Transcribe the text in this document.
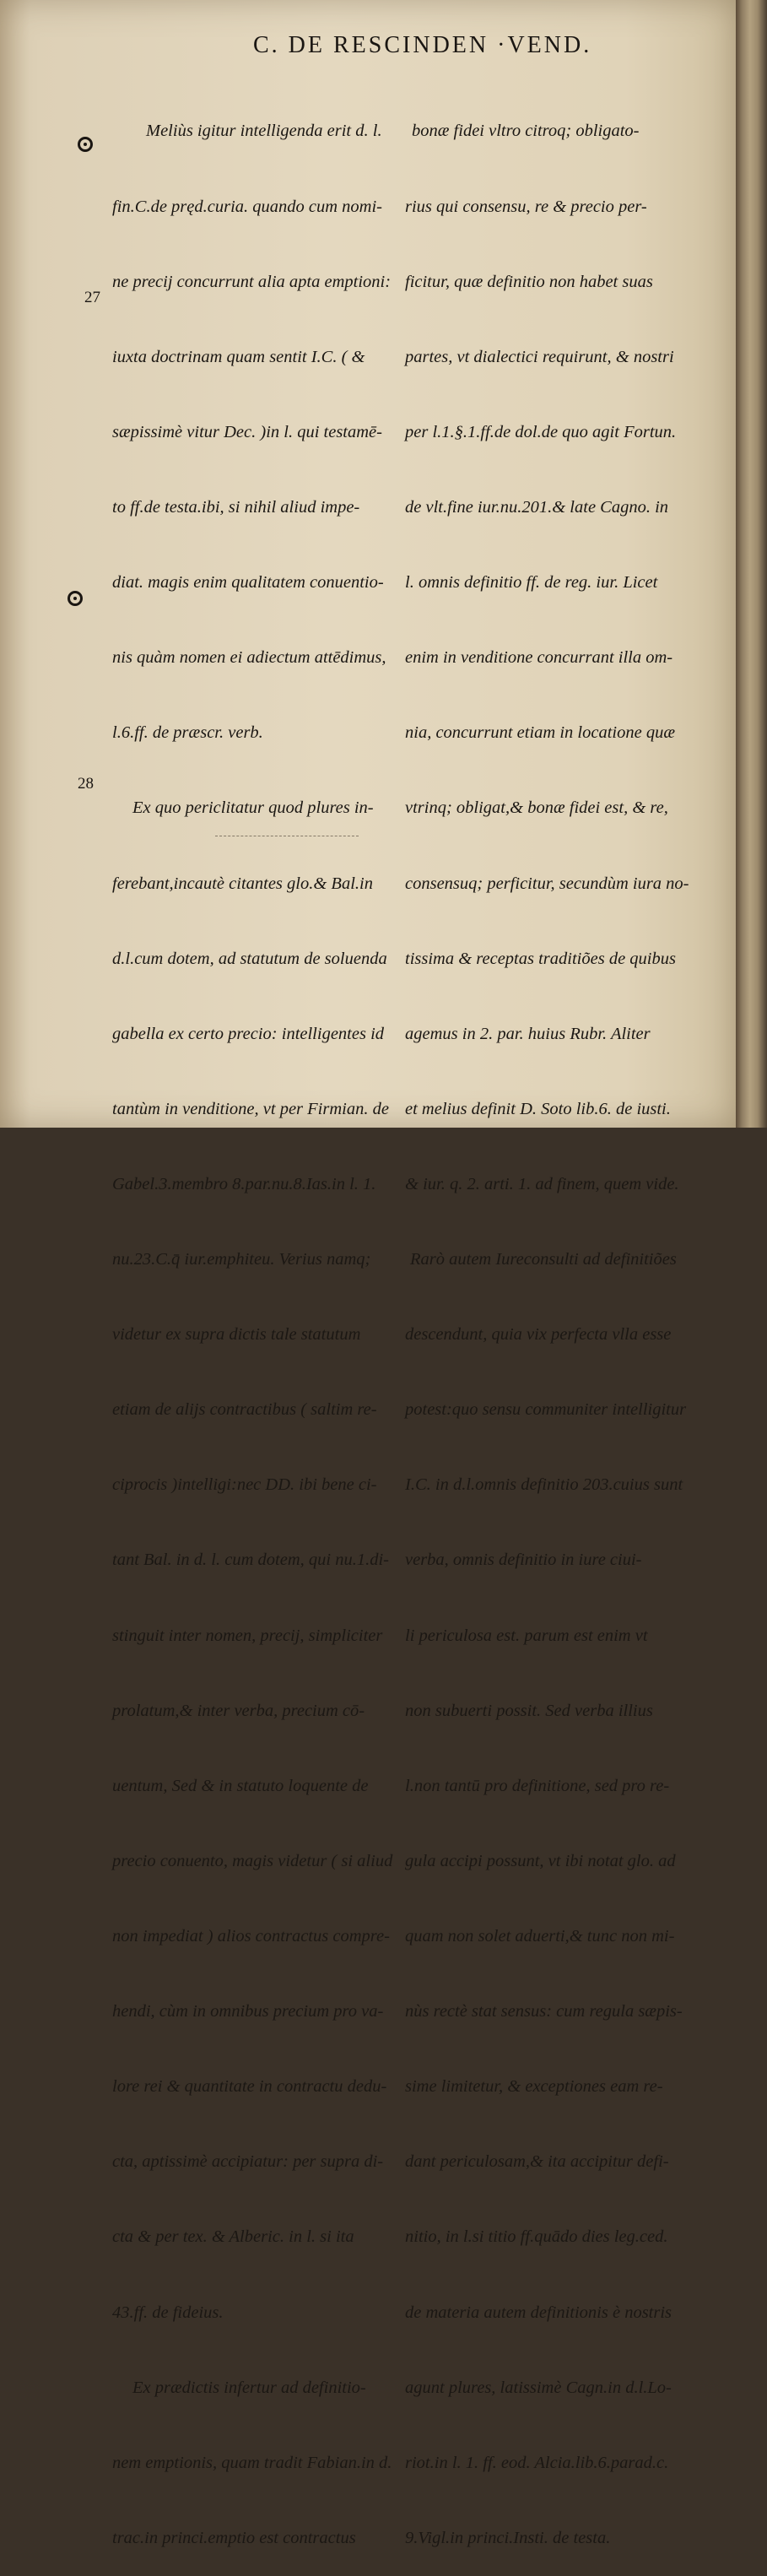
C. DE RESCINDEN ·VEND.
27
28

Meliùs igitur intelligenda erit d. l.

fin.C.de pręd.curia. quando cum nomi-

ne precij concurrunt alia apta emptioni:

iuxta doctrinam quam sentit I.C. ( &

sæpissimè vitur Dec. )in l. qui testamē-

to ff.de testa.ibi, si nihil aliud impe-

diat. magis enim qualitatem conuentio-

nis quàm nomen ei adiectum attēdimus,

l.6.ff. de præscr. verb.

Ex quo periclitatur quod plures in-

ferebant,incautè citantes glo.& Bal.in

d.l.cum dotem, ad statutum de soluenda

gabella ex certo precio: intelligentes id

tantùm in venditione, vt per Firmian. de

Gabel.3.membro 8.par.nu.8.Ias.in l. 1.

nu.23.C.q̄ iur.emphiteu. Verius namq;

videtur ex supra dictis tale statutum

etiam de alijs contractibus ( saltim re-

ciprocis )intelligi:nec DD. ibi bene ci-

tant Bal. in d. l. cum dotem, qui nu.1.di-

stinguit inter nomen, precij, simpliciter

prolatum,& inter verba, precium cō-

uentum, Sed & in statuto loquente de

precio conuento, magis videtur ( si aliud

non impediat ) alios contractus compre-

hendi, cùm in omnibus precium pro va-

lore rei & quantitate in contractu dedu-

cta, aptissimè accipiatur: per supra di-

cta & per tex. & Alberic. in l. si ita

43.ff. de fideius.

Ex prædictis infertur ad definitio-

nem emptionis, quam tradit Fabian.in d.

trac.in princi.emptio est contractus

bonæ fidei vltro citroq; obligato-

rius qui consensu, re & precio per-

ficitur, quæ definitio non habet suas

partes, vt dialectici requirunt, & nostri

per l.1.§.1.ff.de dol.de quo agit Fortun.

de vlt.fine iur.nu.201.& late Cagno. in

l. omnis definitio ff. de reg. iur. Licet

enim in venditione concurrant illa om-

nia, concurrunt etiam in locatione quæ

vtrinq; obligat,& bonæ fidei est, & re,

consensuq; perficitur, secundùm iura no-

tissima & receptas traditiões de quibus

agemus in 2. par. huius Rubr. Aliter

et melius definit D. Soto lib.6. de iusti.

& iur. q. 2. arti. 1. ad finem, quem vide.

Rarò autem Iureconsulti ad definitiões

descendunt, quia vix perfecta vlla esse

potest:quo sensu communiter intelligitur

I.C. in d.l.omnis definitio 203.cuius sunt

verba, omnis definitio in iure ciui-

li periculosa est. parum est enim vt

non subuerti possit. Sed verba illius

l.non tantū pro definitione, sed pro re-

gula accipi possunt, vt ibi notat glo. ad

quam non solet aduerti,& tunc non mi-

nùs rectè stat sensus: cum regula sæpis-

sime limitetur, & exceptiones eam re-

dant periculosam,& ita accipitur defi-

nitio, in l.si titio ff.quādo dies leg.ced.

de materia autem definitionis è nostris

agunt plures, latissimè Cagn.in d.l.Lo-

riot.in l. 1. ff. eod. Alcia.lib.6.parad.c.

9.Vigl.in princi.Insti. de testa.
